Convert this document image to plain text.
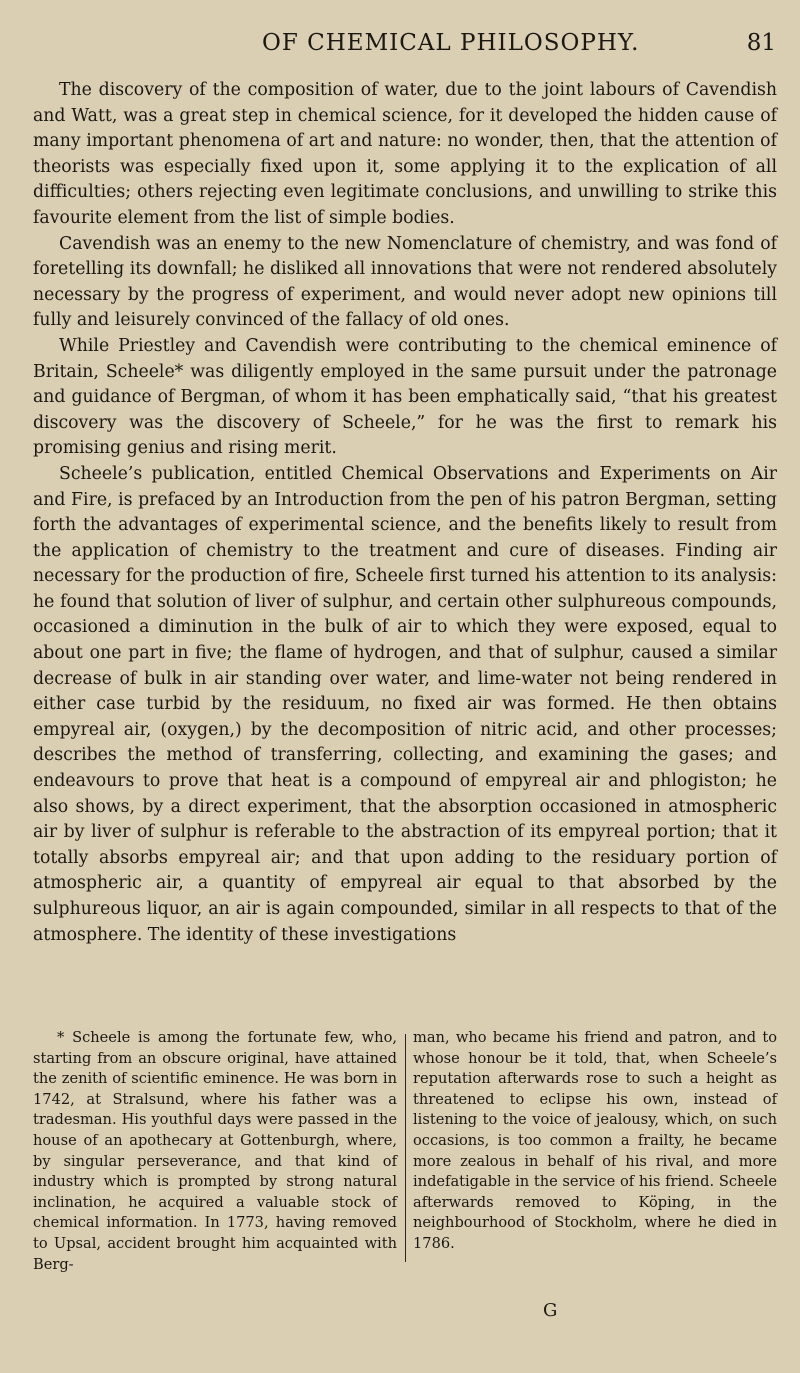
OF CHEMICAL PHILOSOPHY.	81

The discovery of the composition of water, due to the joint labours of Cavendish and Watt, was a great step in chemical science, for it developed the hidden cause of many important phenomena of art and nature: no wonder, then, that the attention of theorists was especially fixed upon it, some applying it to the explication of all difficulties; others rejecting even legitimate conclusions, and unwilling to strike this favourite element from the list of simple bodies.

Cavendish was an enemy to the new Nomenclature of chemistry, and was fond of foretelling its downfall; he disliked all innovations that were not rendered absolutely necessary by the progress of experiment, and would never adopt new opinions till fully and leisurely convinced of the fallacy of old ones.

While Priestley and Cavendish were contributing to the chemical eminence of Britain, Scheele* was diligently employed in the same pursuit under the patronage and guidance of Bergman, of whom it has been emphatically said, “that his greatest discovery was the discovery of Scheele,” for he was the first to remark his promising genius and rising merit.

Scheele’s publication, entitled Chemical Observations and Experiments on Air and Fire, is prefaced by an Introduction from the pen of his patron Bergman, setting forth the advantages of experimental science, and the benefits likely to result from the application of chemistry to the treatment and cure of diseases. Finding air necessary for the production of fire, Scheele first turned his attention to its analysis: he found that solution of liver of sulphur, and certain other sulphureous compounds, occasioned a diminution in the bulk of air to which they were exposed, equal to about one part in five; the flame of hydrogen, and that of sulphur, caused a similar decrease of bulk in air standing over water, and lime-water not being rendered in either case turbid by the residuum, no fixed air was formed. He then obtains empyreal air, (oxygen,) by the decomposition of nitric acid, and other processes; describes the method of transferring, collecting, and examining the gases; and endeavours to prove that heat is a compound of empyreal air and phlogiston; he also shows, by a direct experiment, that the absorption occasioned in atmospheric air by liver of sulphur is referable to the abstraction of its empyreal portion; that it totally absorbs empyreal air; and that upon adding to the residuary portion of atmospheric air, a quantity of empyreal air equal to that absorbed by the sulphureous liquor, an air is again compounded, similar in all respects to that of the atmosphere. The identity of these investigations

* Scheele is among the fortunate few, who, starting from an obscure original, have attained the zenith of scientific eminence. He was born in 1742, at Stralsund, where his father was a tradesman. His youthful days were passed in the house of an apothecary at Gottenburgh, where, by singular perseverance, and that kind of industry which is prompted by strong natural inclination, he acquired a valuable stock of chemical information. In 1773, having removed to Upsal, accident brought him acquainted with Berg-
man, who became his friend and patron, and to whose honour be it told, that, when Scheele’s reputation afterwards rose to such a height as threatened to eclipse his own, instead of listening to the voice of jealousy, which, on such occasions, is too common a frailty, he became more zealous in behalf of his rival, and more indefatigable in the service of his friend. Scheele afterwards removed to Köping, in the neighbourhood of Stockholm, where he died in 1786.
G
